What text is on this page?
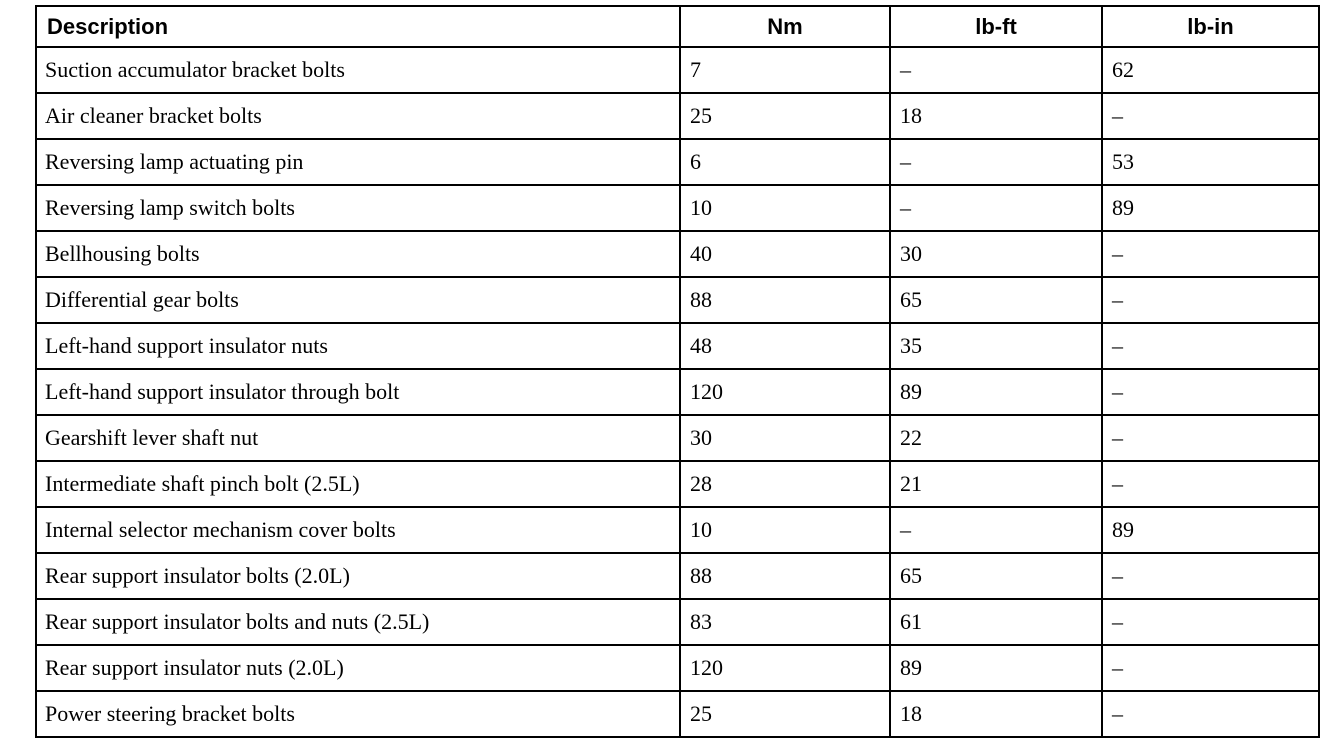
Description	Nm	lb-ft	lb-in
Suction accumulator bracket bolts	7	–	62
Air cleaner bracket bolts	25	18	–
Reversing lamp actuating pin	6	–	53
Reversing lamp switch bolts	10	–	89
Bellhousing bolts	40	30	–
Differential gear bolts	88	65	–
Left-hand support insulator nuts	48	35	–
Left-hand support insulator through bolt	120	89	–
Gearshift lever shaft nut	30	22	–
Intermediate shaft pinch bolt (2.5L)	28	21	–
Internal selector mechanism cover bolts	10	–	89
Rear support insulator bolts (2.0L)	88	65	–
Rear support insulator bolts and nuts (2.5L)	83	61	–
Rear support insulator nuts (2.0L)	120	89	–
Power steering bracket bolts	25	18	–
